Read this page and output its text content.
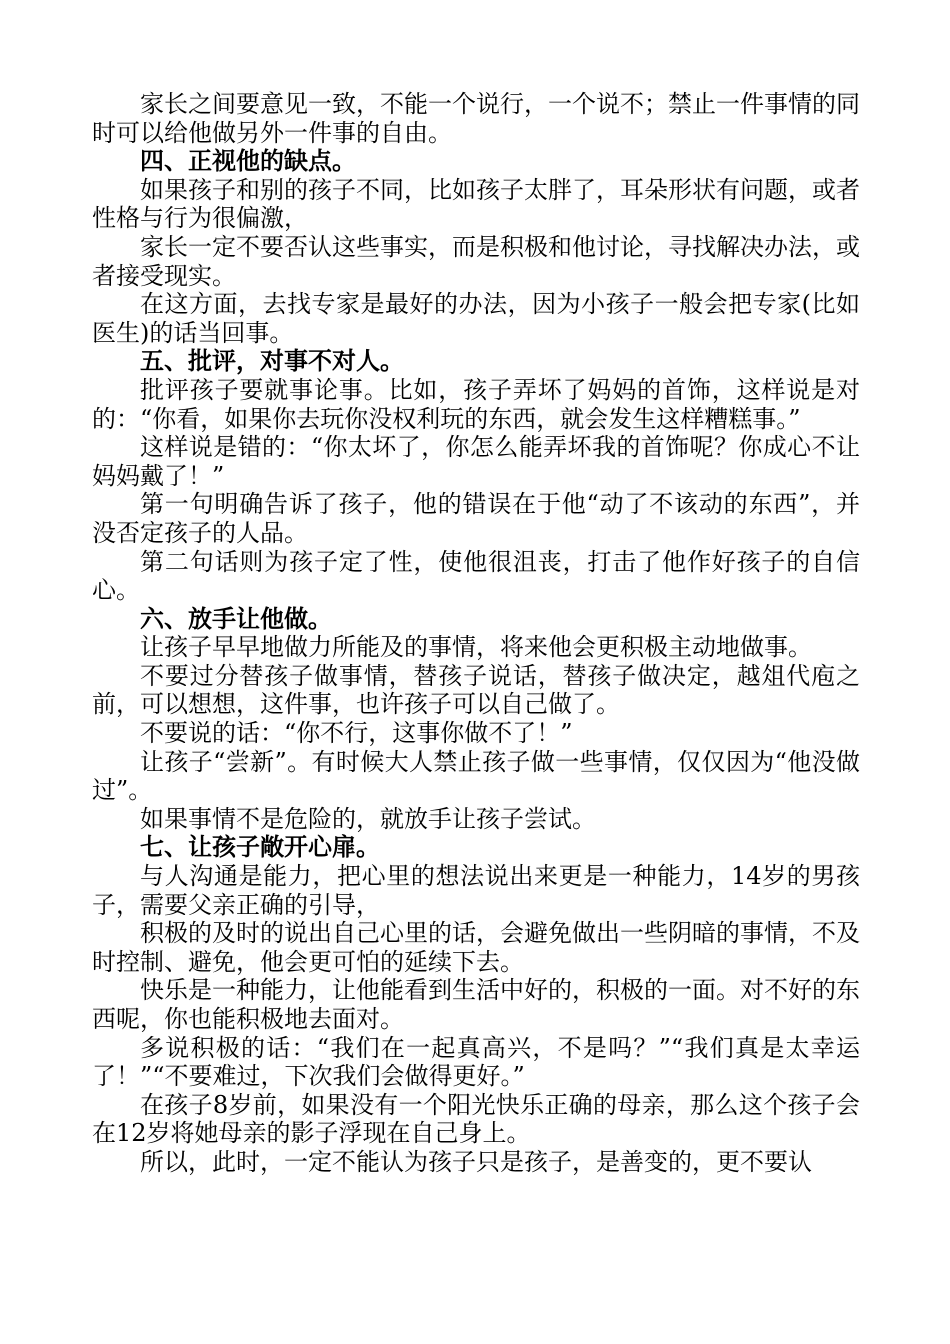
家长之间要意见一致，不能一个说行，一个说不；禁止一件事情的同时可以给他做另外一件事的自由。

四、正视他的缺点。

如果孩子和别的孩子不同，比如孩子太胖了，耳朵形状有问题，或者性格与行为很偏激，

家长一定不要否认这些事实，而是积极和他讨论，寻找解决办法，或者接受现实。

在这方面，去找专家是最好的办法，因为小孩子一般会把专家(比如医生)的话当回事。

五、批评，对事不对人。

批评孩子要就事论事。比如，孩子弄坏了妈妈的首饰，这样说是对的：“你看，如果你去玩你没权利玩的东西，就会发生这样糟糕事。”

这样说是错的：“你太坏了，你怎么能弄坏我的首饰呢？你成心不让妈妈戴了！”

第一句明确告诉了孩子，他的错误在于他“动了不该动的东西”，并没否定孩子的人品。

第二句话则为孩子定了性，使他很沮丧，打击了他作好孩子的自信心。

六、放手让他做。

让孩子早早地做力所能及的事情，将来他会更积极主动地做事。

不要过分替孩子做事情，替孩子说话，替孩子做决定，越俎代庖之前，可以想想，这件事，也许孩子可以自己做了。

不要说的话：“你不行，这事你做不了！”

让孩子“尝新”。有时候大人禁止孩子做一些事情，仅仅因为“他没做过”。

如果事情不是危险的，就放手让孩子尝试。

七、让孩子敞开心扉。

与人沟通是能力，把心里的想法说出来更是一种能力，14岁的男孩子，需要父亲正确的引导，

积极的及时的说出自己心里的话，会避免做出一些阴暗的事情，不及时控制、避免，他会更可怕的延续下去。

快乐是一种能力，让他能看到生活中好的，积极的一面。对不好的东西呢，你也能积极地去面对。

多说积极的话：“我们在一起真高兴，不是吗？”“我们真是太幸运了！”“不要难过，下次我们会做得更好。”

在孩子8岁前，如果没有一个阳光快乐正确的母亲，那么这个孩子会在12岁将她母亲的影子浮现在自己身上。

所以，此时，一定不能认为孩子只是孩子，是善变的，更不要认
